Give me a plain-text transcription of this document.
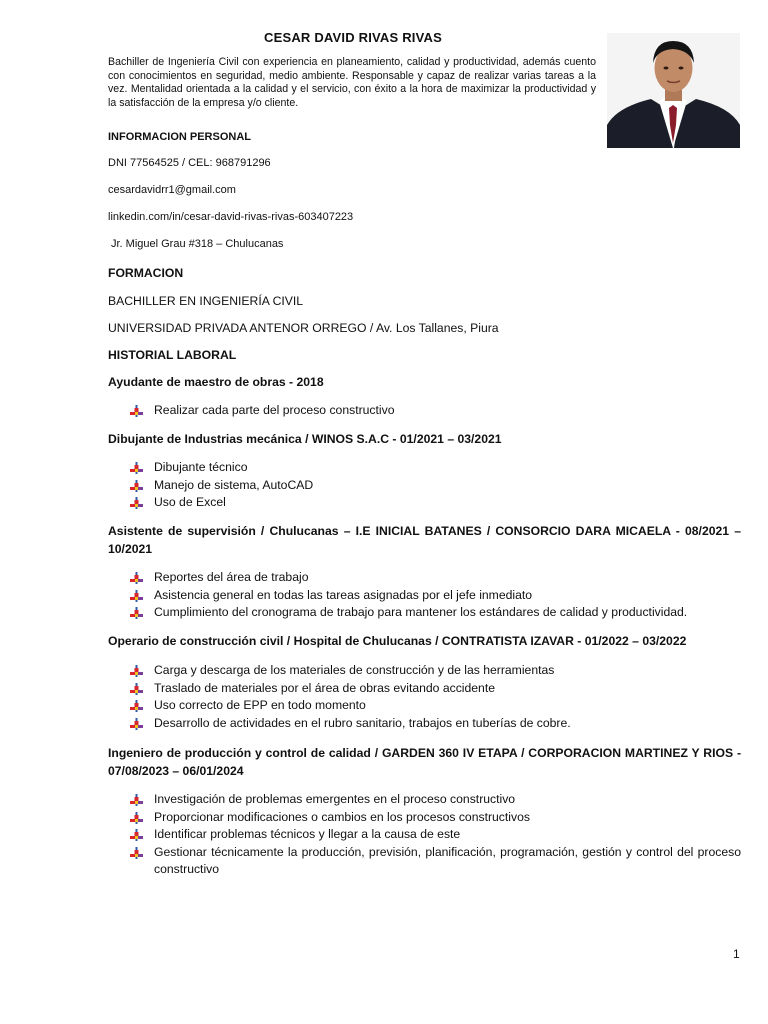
CESAR DAVID RIVAS RIVAS
Bachiller de Ingeniería Civil con experiencia en planeamiento, calidad y productividad, además cuento con conocimientos en seguridad, medio ambiente. Responsable y capaz de realizar varias tareas a la vez. Mentalidad orientada a la calidad y el servicio, con éxito a la hora de maximizar la productividad y la satisfacción de la empresa y/o cliente.
INFORMACION PERSONAL
DNI 77564525 / CEL: 968791296
cesardavidrr1@gmail.com
linkedin.com/in/cesar-david-rivas-rivas-603407223
Jr. Miguel Grau #318 – Chulucanas
FORMACION
BACHILLER EN INGENIERÍA CIVIL
UNIVERSIDAD PRIVADA ANTENOR ORREGO / Av. Los Tallanes, Piura
HISTORIAL LABORAL
Ayudante de maestro de obras - 2018
Realizar cada parte del proceso constructivo
Dibujante de Industrias mecánica / WINOS S.A.C - 01/2021 – 03/2021
Dibujante técnico
Manejo de sistema, AutoCAD
Uso de Excel
Asistente de supervisión / Chulucanas – I.E INICIAL BATANES / CONSORCIO DARA MICAELA - 08/2021 – 10/2021
Reportes del área de trabajo
Asistencia general en todas las tareas asignadas por el jefe inmediato
Cumplimiento del cronograma de trabajo para mantener los estándares de calidad y productividad.
Operario de construcción civil / Hospital de Chulucanas / CONTRATISTA IZAVAR - 01/2022 – 03/2022
Carga y descarga de los materiales de construcción y de las herramientas
Traslado de materiales por el área de obras evitando accidente
Uso correcto de EPP en todo momento
Desarrollo de actividades en el rubro sanitario, trabajos en tuberías de cobre.
Ingeniero de producción y control de calidad / GARDEN 360 IV ETAPA / CORPORACION MARTINEZ Y RIOS - 07/08/2023 – 06/01/2024
Investigación de problemas emergentes en el proceso constructivo
Proporcionar modificaciones o cambios en los procesos constructivos
Identificar problemas técnicos y llegar a la causa de este
Gestionar técnicamente la producción, previsión, planificación, programación, gestión y control del proceso constructivo
1
